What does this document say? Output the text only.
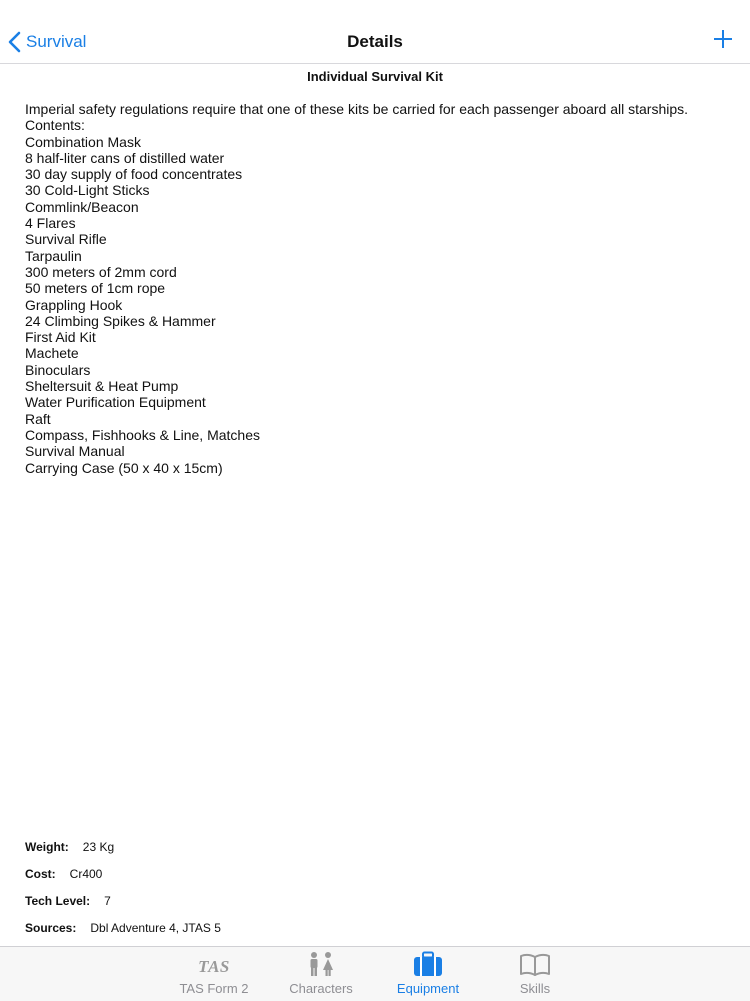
Survival	Details
Individual Survival Kit
Imperial safety regulations require that one of these kits be carried for each passenger aboard all starships.
Contents:
Combination Mask
8 half-liter cans of distilled water
30 day supply of food concentrates
30 Cold-Light Sticks
Commlink/Beacon
4 Flares
Survival Rifle
Tarpaulin
300 meters of 2mm cord
50 meters of 1cm rope
Grappling Hook
24 Climbing Spikes & Hammer
First Aid Kit
Machete
Binoculars
Sheltersuit & Heat Pump
Water Purification Equipment
Raft
Compass, Fishhooks & Line, Matches
Survival Manual
Carrying Case (50 x 40 x 15cm)
Weight: 23 Kg
Cost: Cr400
Tech Level: 7
Sources: Dbl Adventure 4, JTAS 5
TAS
TAS Form 2	Characters	Equipment	Skills
